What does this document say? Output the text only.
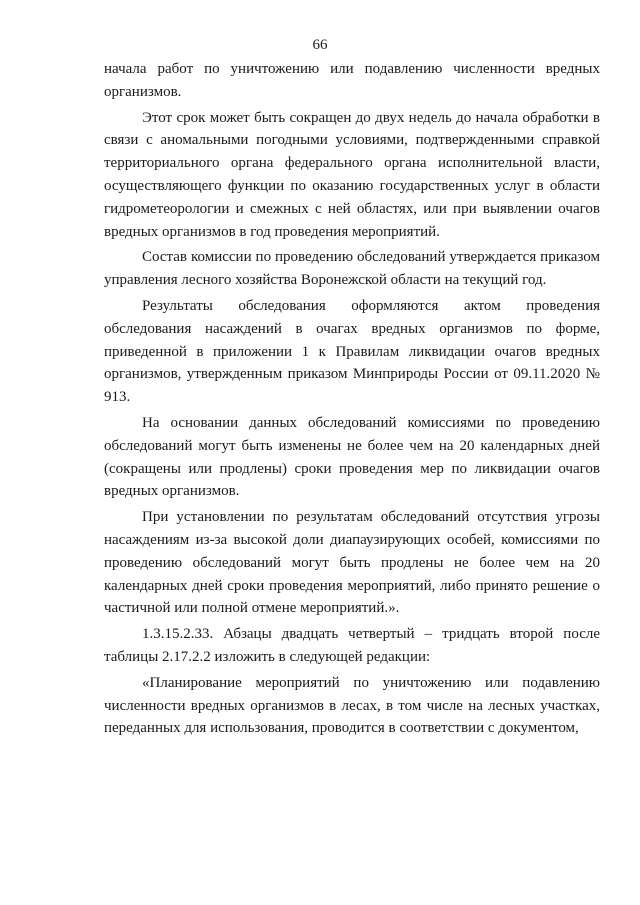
66

начала работ по уничтожению или подавлению численности вредных организмов.

Этот срок может быть сокращен до двух недель до начала обработки в связи с аномальными погодными условиями, подтвержденными справкой территориального органа федерального органа исполнительной власти, осуществляющего функции по оказанию государственных услуг в области гидрометеорологии и смежных с ней областях, или при выявлении очагов вредных организмов в год проведения мероприятий.

Состав комиссии по проведению обследований утверждается приказом управления лесного хозяйства Воронежской области на текущий год.

Результаты обследования оформляются актом проведения обследования насаждений в очагах вредных организмов по форме, приведенной в приложении 1 к Правилам ликвидации очагов вредных организмов, утвержденным приказом Минприроды России от 09.11.2020 № 913.

На основании данных обследований комиссиями по проведению обследований могут быть изменены не более чем на 20 календарных дней (сокращены или продлены) сроки проведения мер по ликвидации очагов вредных организмов.

При установлении по результатам обследований отсутствия угрозы насаждениям из-за высокой доли диапаузирующих особей, комиссиями по проведению обследований могут быть продлены не более чем на 20 календарных дней сроки проведения мероприятий, либо принято решение о частичной или полной отмене мероприятий.».

1.3.15.2.33. Абзацы двадцать четвертый – тридцать второй после таблицы 2.17.2.2 изложить в следующей редакции:

«Планирование мероприятий по уничтожению или подавлению численности вредных организмов в лесах, в том числе на лесных участках, переданных для использования, проводится в соответствии с документом,
